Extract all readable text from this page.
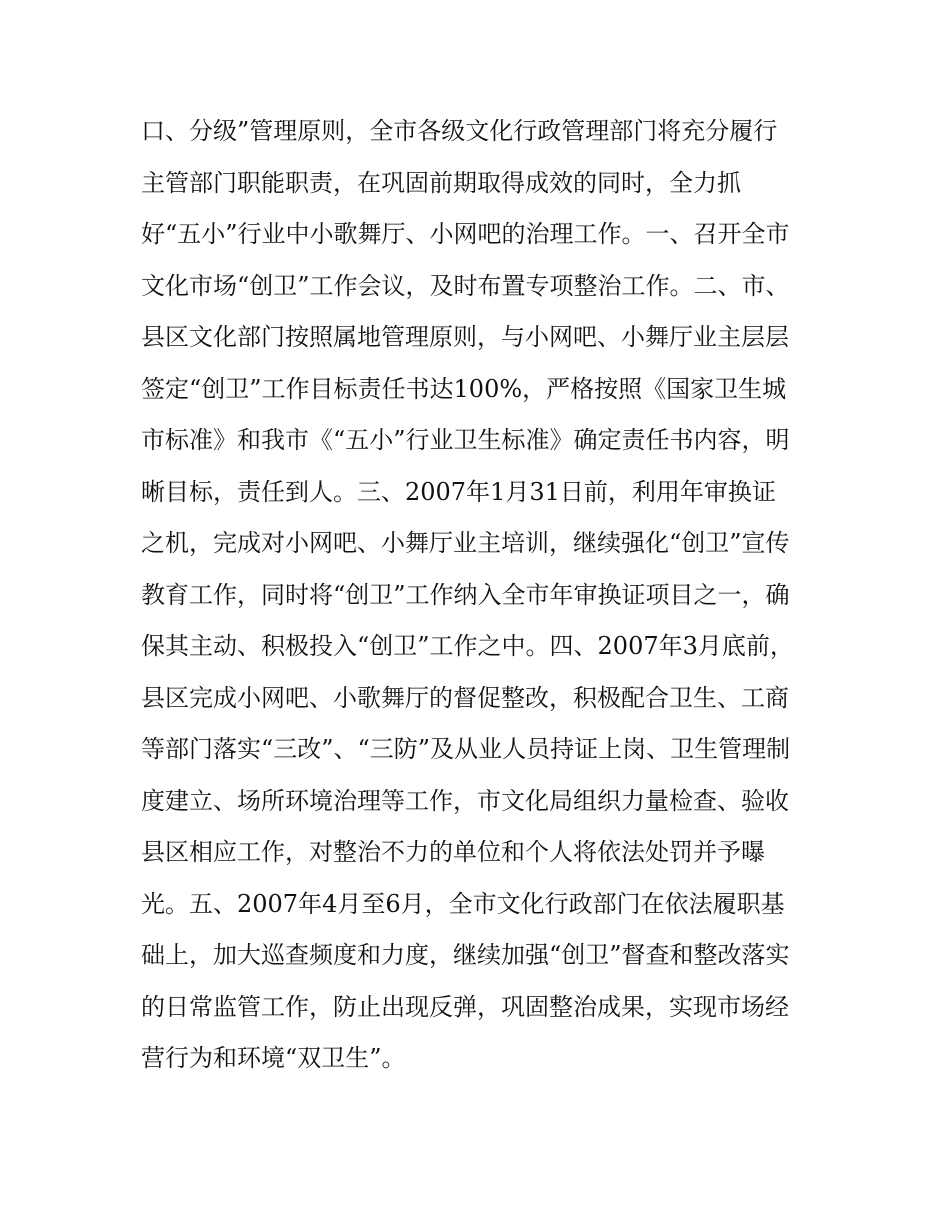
口、分级”管理原则，全市各级文化行政管理部门将充分履行
主管部门职能职责，在巩固前期取得成效的同时，全力抓
好“五小”行业中小歌舞厅、小网吧的治理工作。一、召开全市
文化市场“创卫”工作会议，及时布置专项整治工作。二、市、
县区文化部门按照属地管理原则，与小网吧、小舞厅业主层层
签定“创卫”工作目标责任书达100%，严格按照《国家卫生城
市标准》和我市《“五小”行业卫生标准》确定责任书内容，明
晰目标，责任到人。三、2007年1月31日前，利用年审换证
之机，完成对小网吧、小舞厅业主培训，继续强化“创卫”宣传
教育工作，同时将“创卫”工作纳入全市年审换证项目之一，确
保其主动、积极投入“创卫”工作之中。四、2007年3月底前，
县区完成小网吧、小歌舞厅的督促整改，积极配合卫生、工商
等部门落实“三改”、“三防”及从业人员持证上岗、卫生管理制
度建立、场所环境治理等工作，市文化局组织力量检查、验收
县区相应工作，对整治不力的单位和个人将依法处罚并予曝
光。五、2007年4月至6月，全市文化行政部门在依法履职基
础上，加大巡查频度和力度，继续加强“创卫”督查和整改落实
的日常监管工作，防止出现反弹，巩固整治成果，实现市场经
营行为和环境“双卫生”。
